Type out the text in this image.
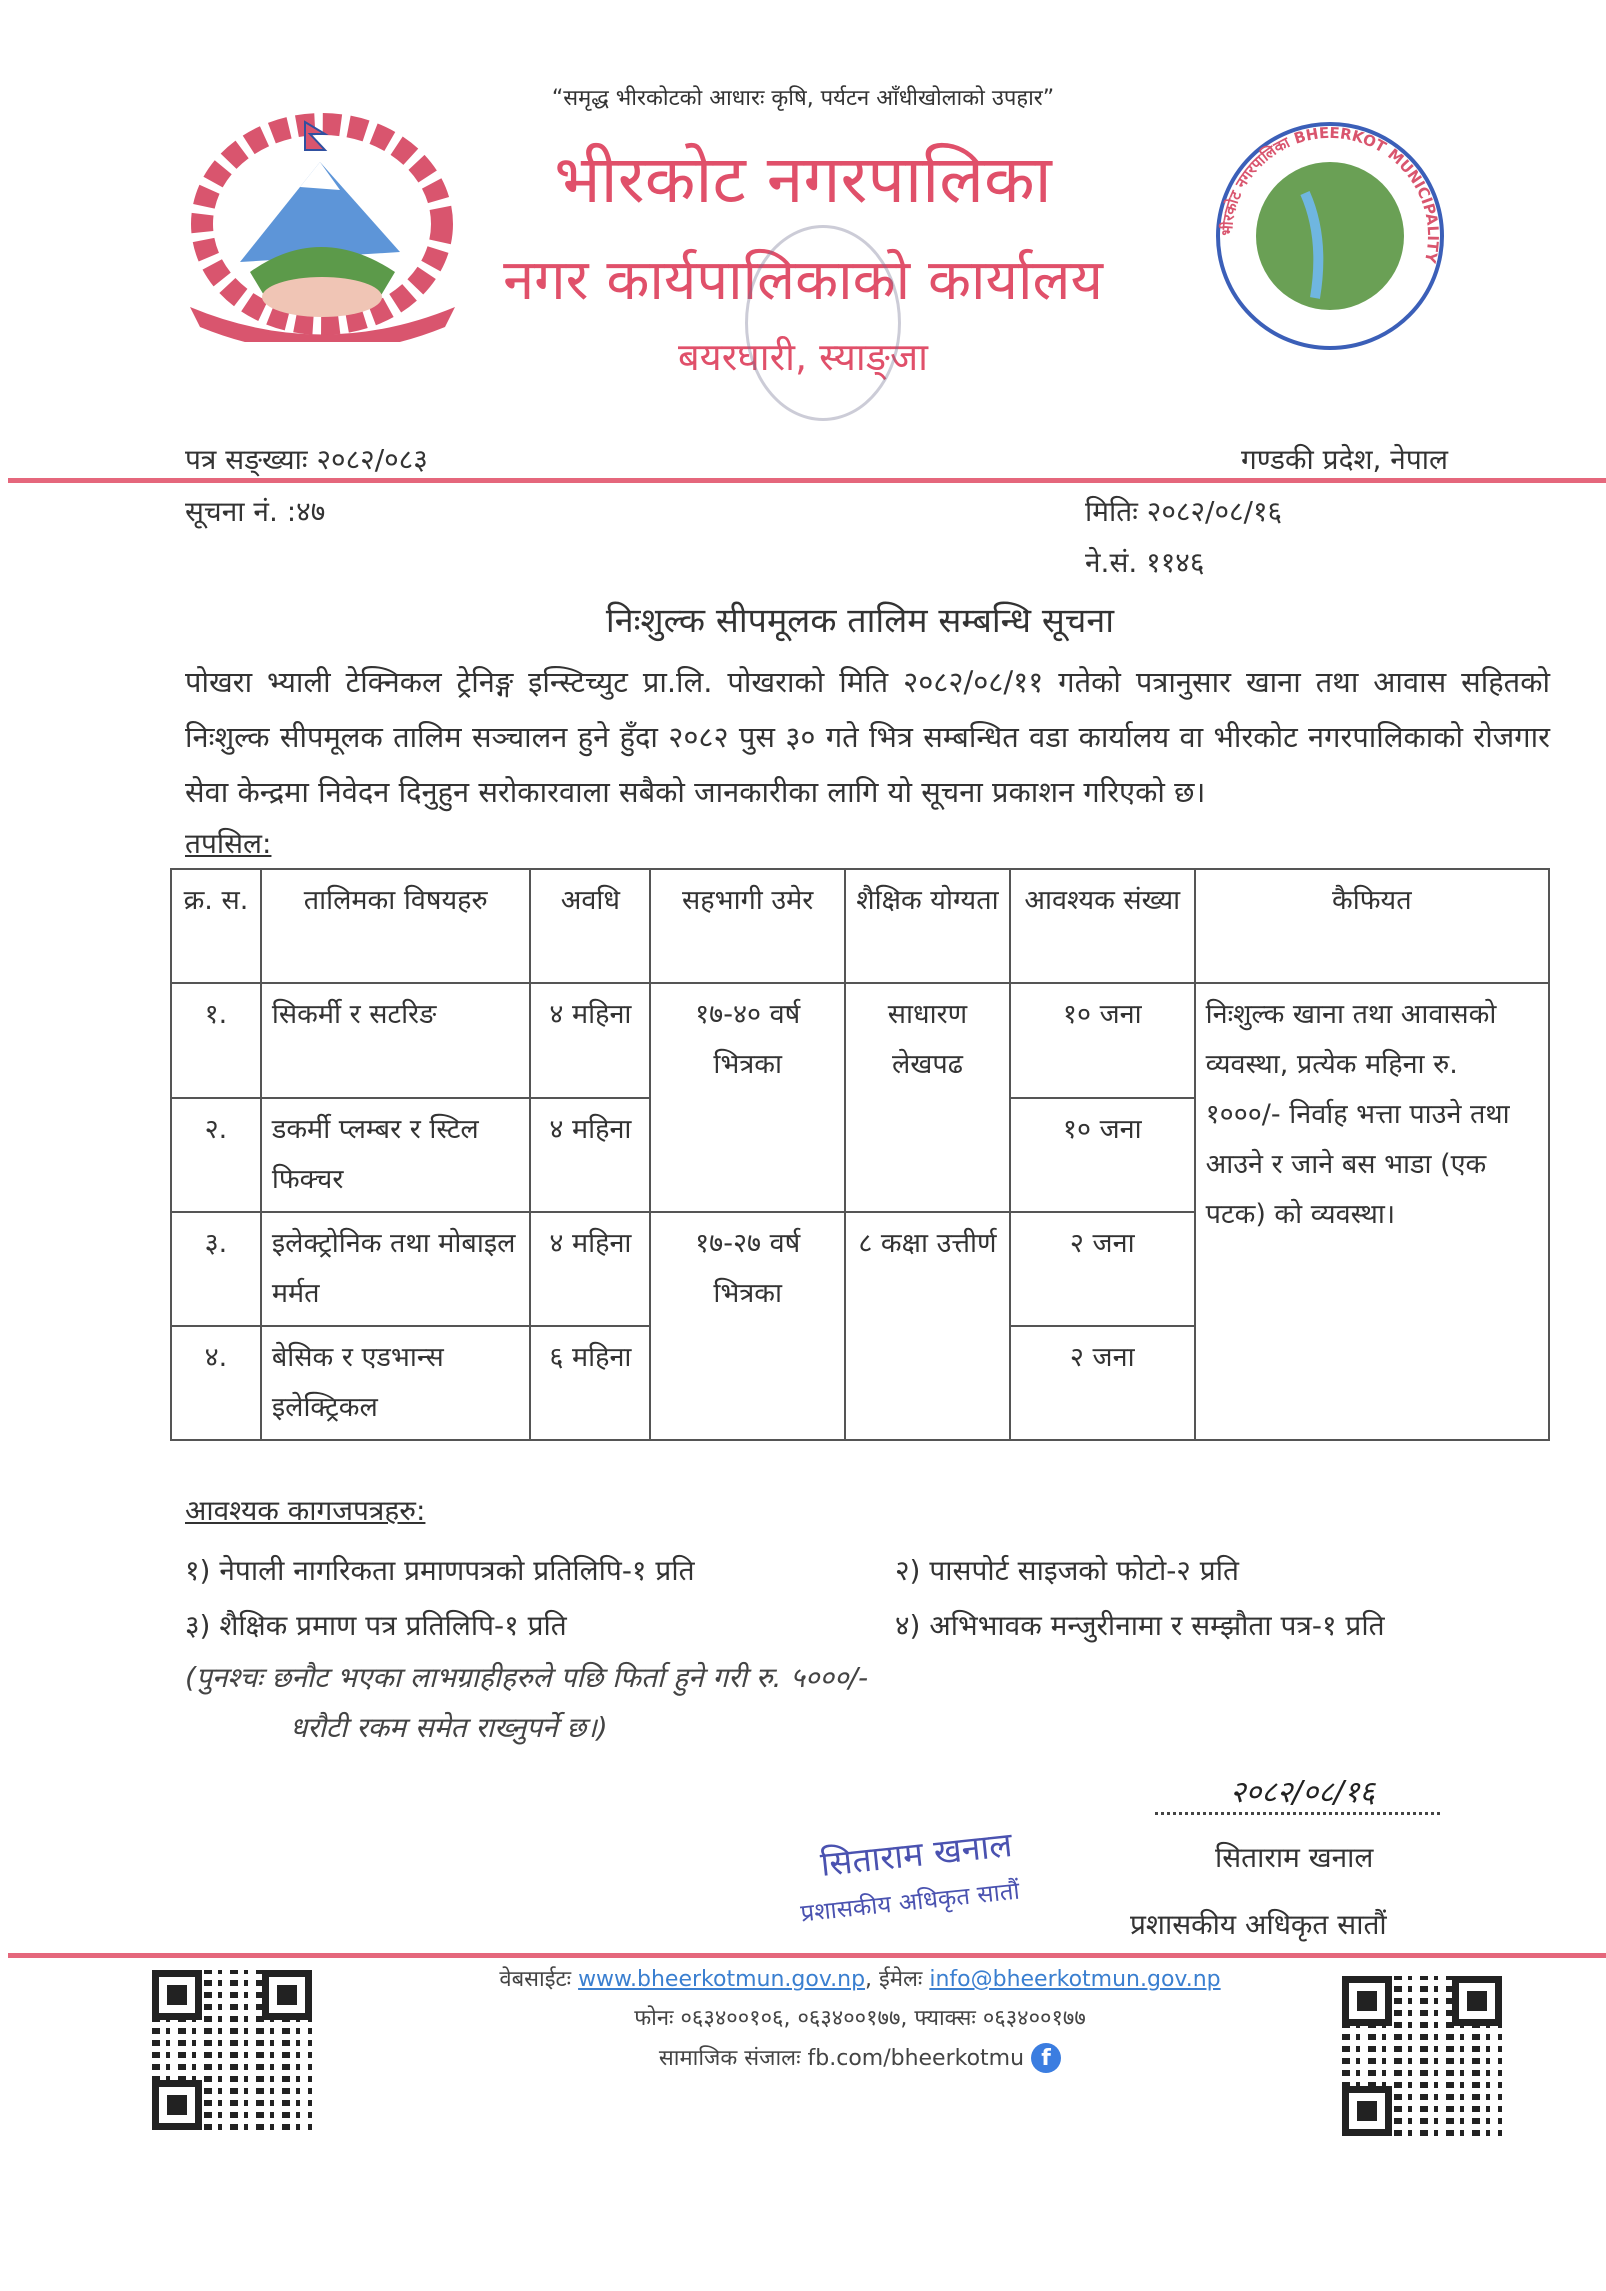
“समृद्ध भीरकोटको आधारः कृषि, पर्यटन आँधीखोलाको उपहार”
भीरकोट नगरपालिका
नगर कार्यपालिकाको कार्यालय
बयरघारी, स्याङ्जा
भीरकोट नगरपालिका BHEERKOT MUNICIPALITY
पत्र सङ्ख्याः २०८२/०८३	गण्डकी प्रदेश, नेपाल
सूचना नं. :४७	मितिः २०८२/०८/१६
ने.सं. ११४६
निःशुल्क सीपमूलक तालिम सम्बन्धि सूचना

पोखरा भ्याली टेक्निकल ट्रेनिङ्ग इन्स्टिच्युट प्रा.लि. पोखराको मिति २०८२/०८/११ गतेको पत्रानुसार खाना तथा आवास सहितको निःशुल्क सीपमूलक तालिम सञ्चालन हुने हुँदा २०८२ पुस ३० गते भित्र सम्बन्धित वडा कार्यालय वा भीरकोट नगरपालिकाको रोजगार सेवा केन्द्रमा निवेदन दिनुहुन सरोकारवाला सबैको जानकारीका लागि यो सूचना प्रकाशन गरिएको छ।

तपसिल:
क्र. स.	तालिमका विषयहरु	अवधि	सहभागी उमेर	शैक्षिक योग्यता	आवश्यक संख्या	कैफियत
१.	सिकर्मी र सटरिङ	४ महिना	१७-४० वर्ष भित्रका	साधारण लेखपढ	१० जना	निःशुल्क खाना तथा आवासको व्यवस्था, प्रत्येक महिना रु. १०००/- निर्वाह भत्ता पाउने तथा आउने र जाने बस भाडा (एक पटक) को व्यवस्था।
२.	डकर्मी प्लम्बर र स्टिल फिक्चर	४ महिना			१० जना	
३.	इलेक्ट्रोनिक तथा मोबाइल मर्मत	४ महिना	१७-२७ वर्ष भित्रका	८ कक्षा उत्तीर्ण	२ जना	
४.	बेसिक र एडभान्स इलेक्ट्रिकल	६ महिना			२ जना	
आवश्यक कागजपत्रहरु:
१) नेपाली नागरिकता प्रमाणपत्रको प्रतिलिपि-१ प्रति	२) पासपोर्ट साइजको फोटो-२ प्रति
३) शैक्षिक प्रमाण पत्र प्रतिलिपि-१ प्रति	४) अभिभावक मन्जुरीनामा र सम्झौता पत्र-१ प्रति
(पुनश्चः छनौट भएका लाभग्राहीहरुले पछि फिर्ता हुने गरी रु. ५०००/-
धरौटी रकम समेत राख्नुपर्ने छ।)
२०८२/०८/१६
सिताराम खनाल
प्रशासकीय अधिकृत सातौं
सिताराम खनाल
प्रशासकीय अधिकृत सातौं
वेबसाईटः www.bheerkotmun.gov.np, ईमेलः info@bheerkotmun.gov.np
फोनः ०६३४००१०६, ०६३४००१७७, फ्याक्सः ०६३४००१७७
सामाजिक संजालः fb.com/bheerkotmu f
